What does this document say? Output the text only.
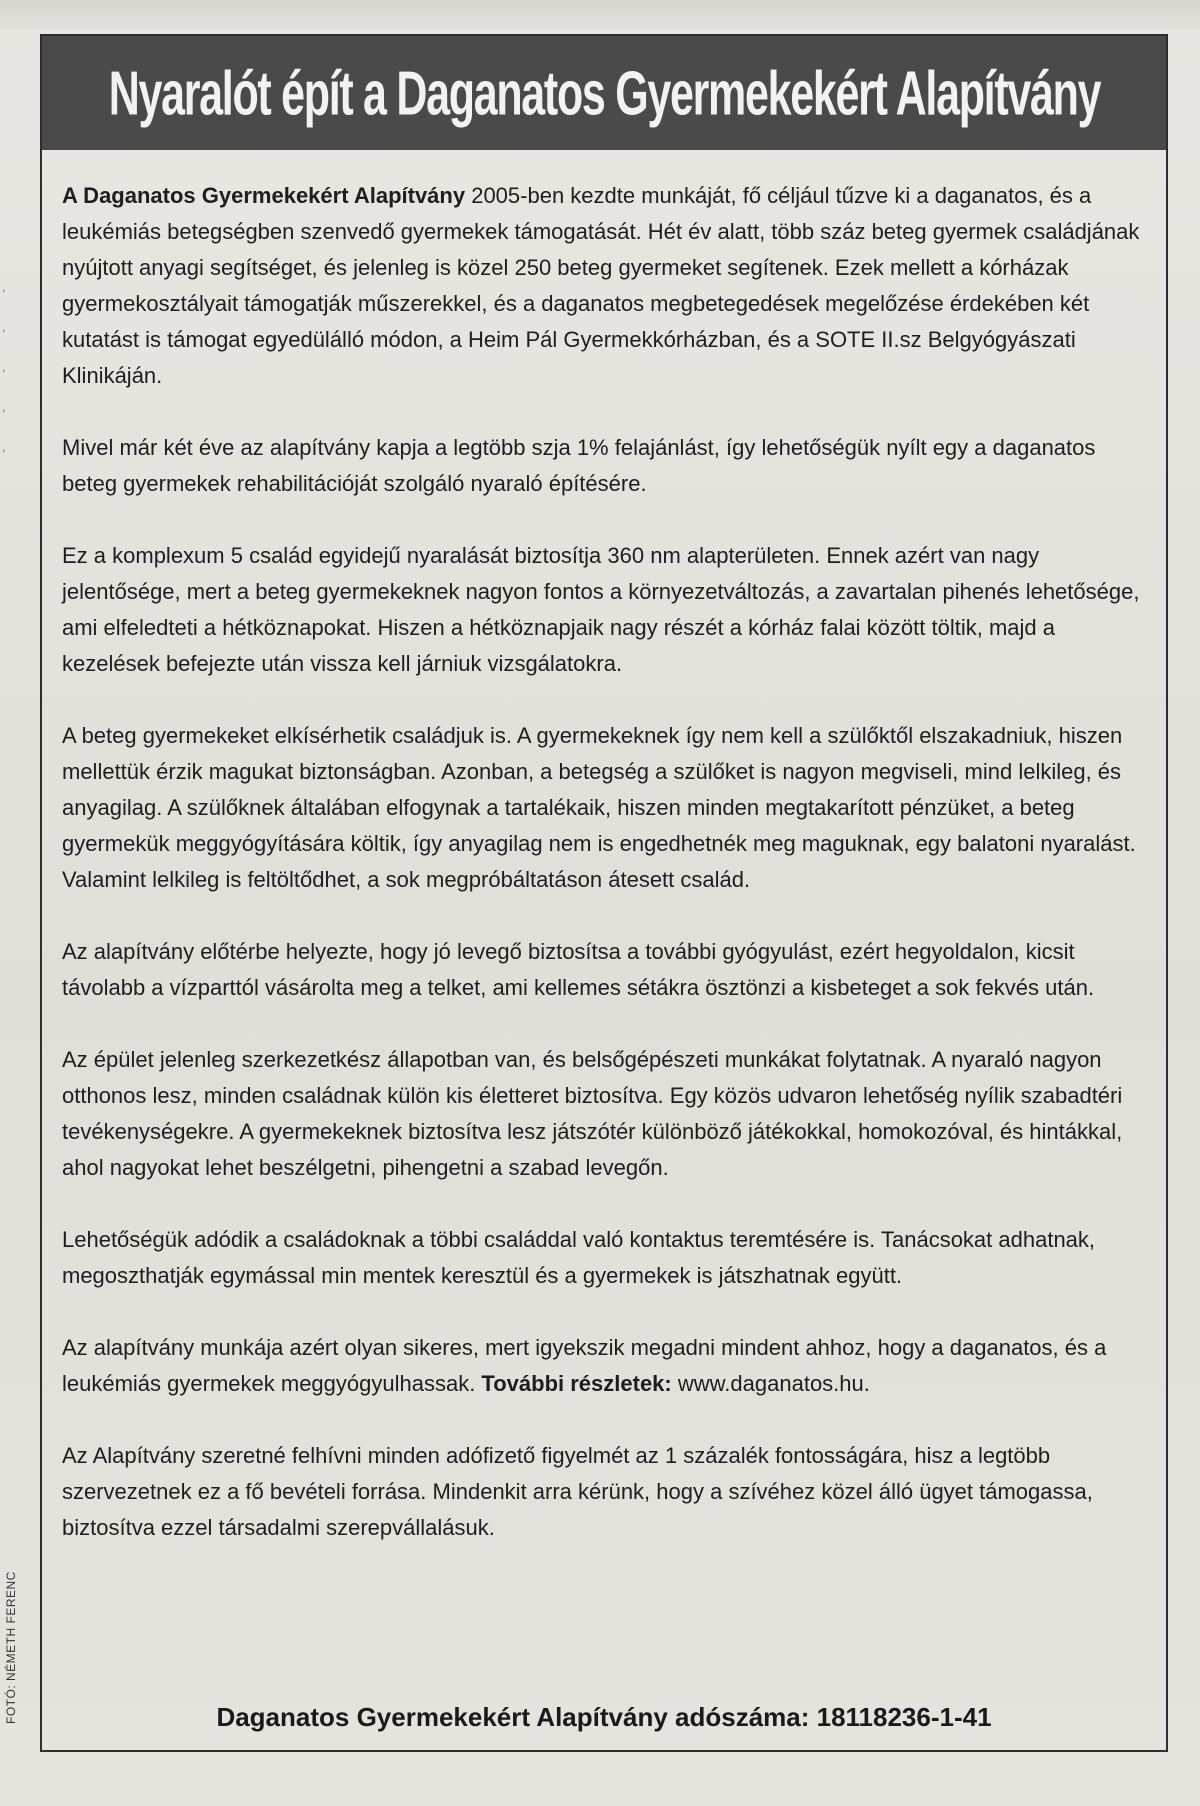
,
,
,
,
,
FOTÓ: NÉMETH FERENC
Nyaralót épít a Daganatos Gyermekekért Alapítvány

A Daganatos Gyermekekért Alapítvány 2005-ben kezdte munkáját, fő céljául tűzve ki a daganatos, és a leukémiás betegségben szenvedő gyermekek támogatását. Hét év alatt, több száz beteg gyermek családjának nyújtott anyagi segítséget, és jelenleg is közel 250 beteg gyermeket segítenek. Ezek mellett a kórházak gyermekosztályait támogatják műszerekkel, és a daganatos megbetegedések megelőzése érdekében két kutatást is támogat egyedülálló módon, a Heim Pál Gyermekkórházban, és a SOTE II.sz Belgyógyászati Klinikáján.

Mivel már két éve az alapítvány kapja a legtöbb szja 1% felajánlást, így lehetőségük nyílt egy a daganatos beteg gyermekek rehabilitációját szolgáló nyaraló építésére.

Ez a komplexum 5 család egyidejű nyaralását biztosítja 360 nm alapterületen. Ennek azért van nagy jelentősége, mert a beteg gyermekeknek nagyon fontos a környezetváltozás, a zavartalan pihenés lehetősége, ami elfeledteti a hétköznapokat. Hiszen a hétköznapjaik nagy részét a kórház falai között töltik, majd a kezelések befejezte után vissza kell járniuk vizsgálatokra.

A beteg gyermekeket elkísérhetik családjuk is. A gyermekeknek így nem kell a szülőktől elszakadniuk, hiszen mellettük érzik magukat biztonságban. Azonban, a betegség a szülőket is nagyon megviseli, mind lelkileg, és anyagilag. A szülőknek általában elfogynak a tartalékaik, hiszen minden megtakarított pénzüket, a beteg gyermekük meggyógyítására költik, így anyagilag nem is engedhetnék meg maguknak, egy balatoni nyaralást. Valamint lelkileg is feltöltődhet, a sok megpróbáltatáson átesett család.

Az alapítvány előtérbe helyezte, hogy jó levegő biztosítsa a további gyógyulást, ezért hegyoldalon, kicsit távolabb a vízparttól vásárolta meg a telket, ami kellemes sétákra ösztönzi a kisbeteget a sok fekvés után.

Az épület jelenleg szerkezetkész állapotban van, és belsőgépészeti munkákat folytatnak. A nyaraló nagyon otthonos lesz, minden családnak külön kis életteret biztosítva. Egy közös udvaron lehetőség nyílik szabadtéri tevékenységekre. A gyermekeknek biztosítva lesz játszótér különböző játékokkal, homokozóval, és hintákkal, ahol nagyokat lehet beszélgetni, pihengetni a szabad levegőn.

Lehetőségük adódik a családoknak a többi családdal való kontaktus teremtésére is. Tanácsokat adhatnak, megoszthatják egymással min mentek keresztül és a gyermekek is játszhatnak együtt.

Az alapítvány munkája azért olyan sikeres, mert igyekszik megadni mindent ahhoz, hogy a daganatos, és a leukémiás gyermekek meggyógyulhassak. További részletek: www.daganatos.hu.

Az Alapítvány szeretné felhívni minden adófizető figyelmét az 1 százalék fontosságára, hisz a legtöbb szervezetnek ez a fő bevételi forrása. Mindenkit arra kérünk, hogy a szívéhez közel álló ügyet támogassa, biztosítva ezzel társadalmi szerepvállalásuk.

Daganatos Gyermekekért Alapítvány adószáma: 18118236-1-41
